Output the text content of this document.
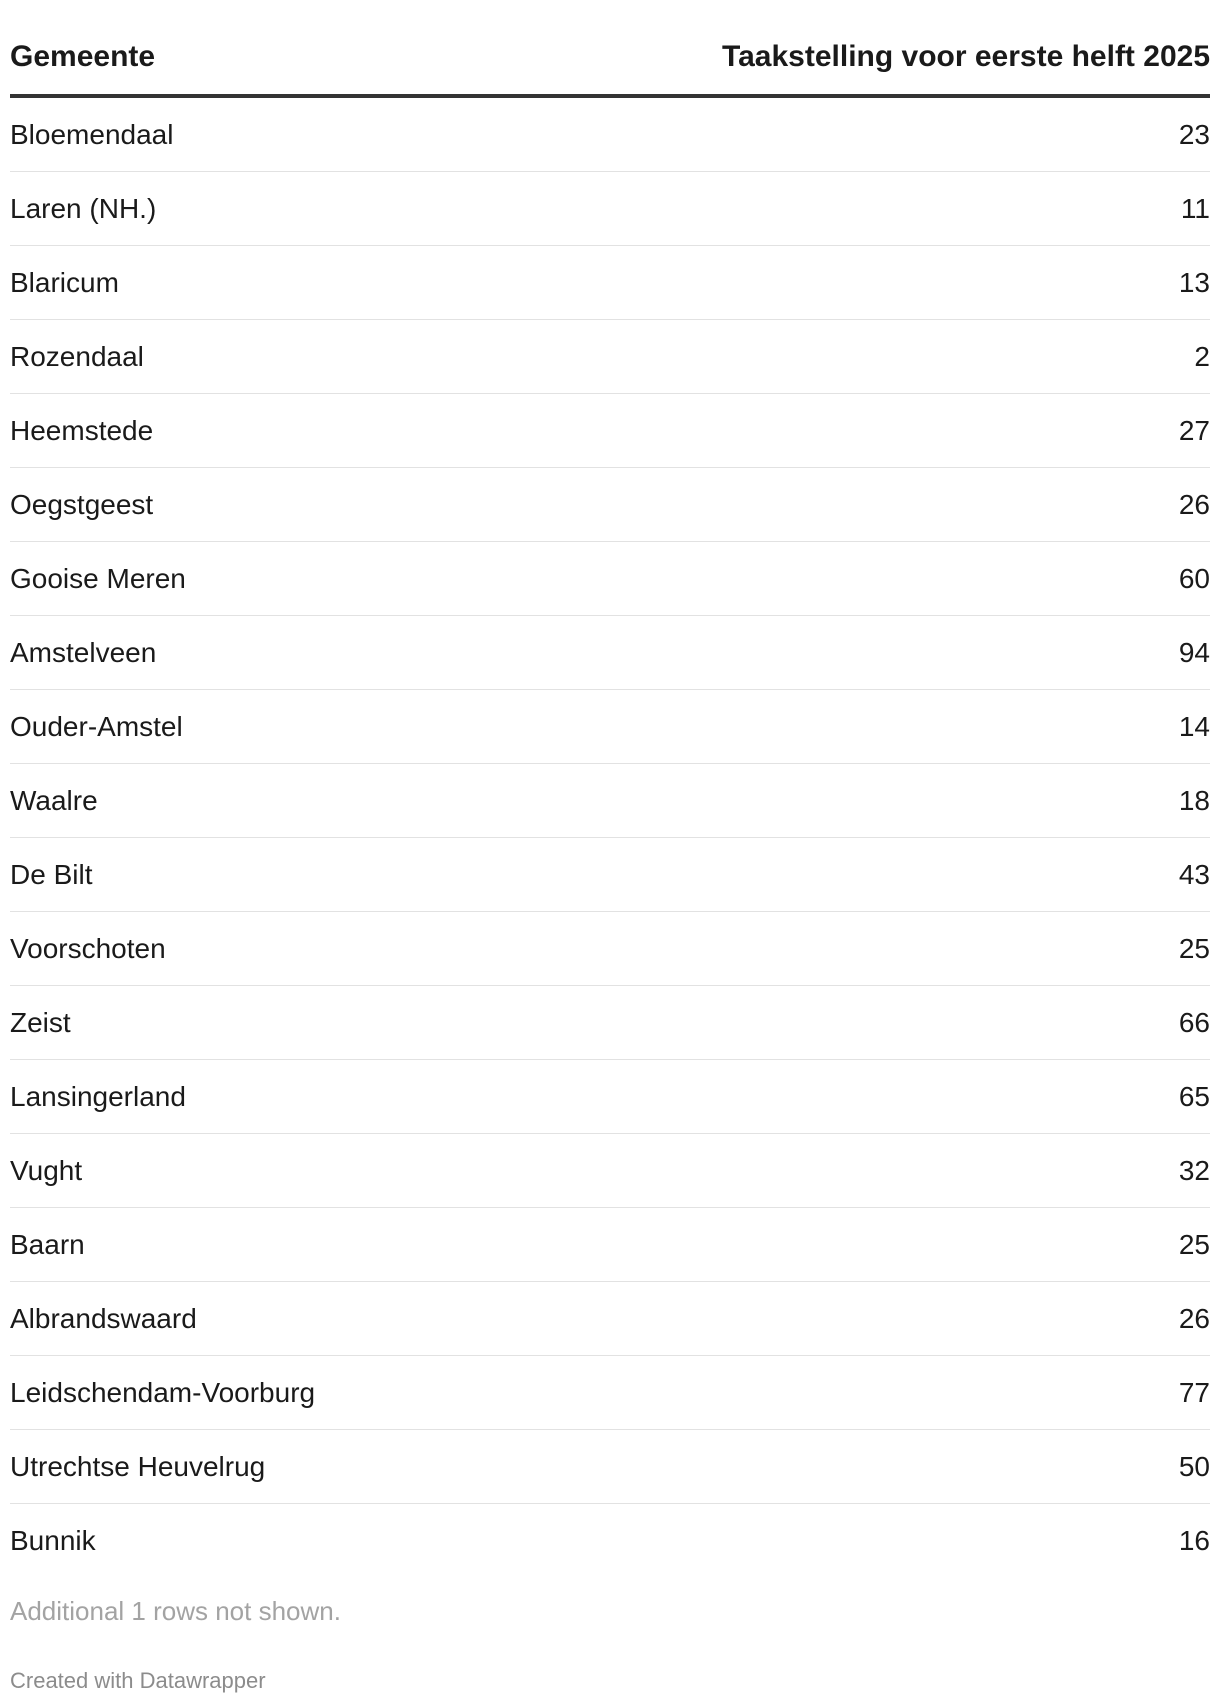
Gemeente	Taakstelling voor eerste helft 2025
Bloemendaal	23
Laren (NH.)	11
Blaricum	13
Rozendaal	2
Heemstede	27
Oegstgeest	26
Gooise Meren	60
Amstelveen	94
Ouder-Amstel	14
Waalre	18
De Bilt	43
Voorschoten	25
Zeist	66
Lansingerland	65
Vught	32
Baarn	25
Albrandswaard	26
Leidschendam-Voorburg	77
Utrechtse Heuvelrug	50
Bunnik	16
Additional 1 rows not shown.
Created with Datawrapper
